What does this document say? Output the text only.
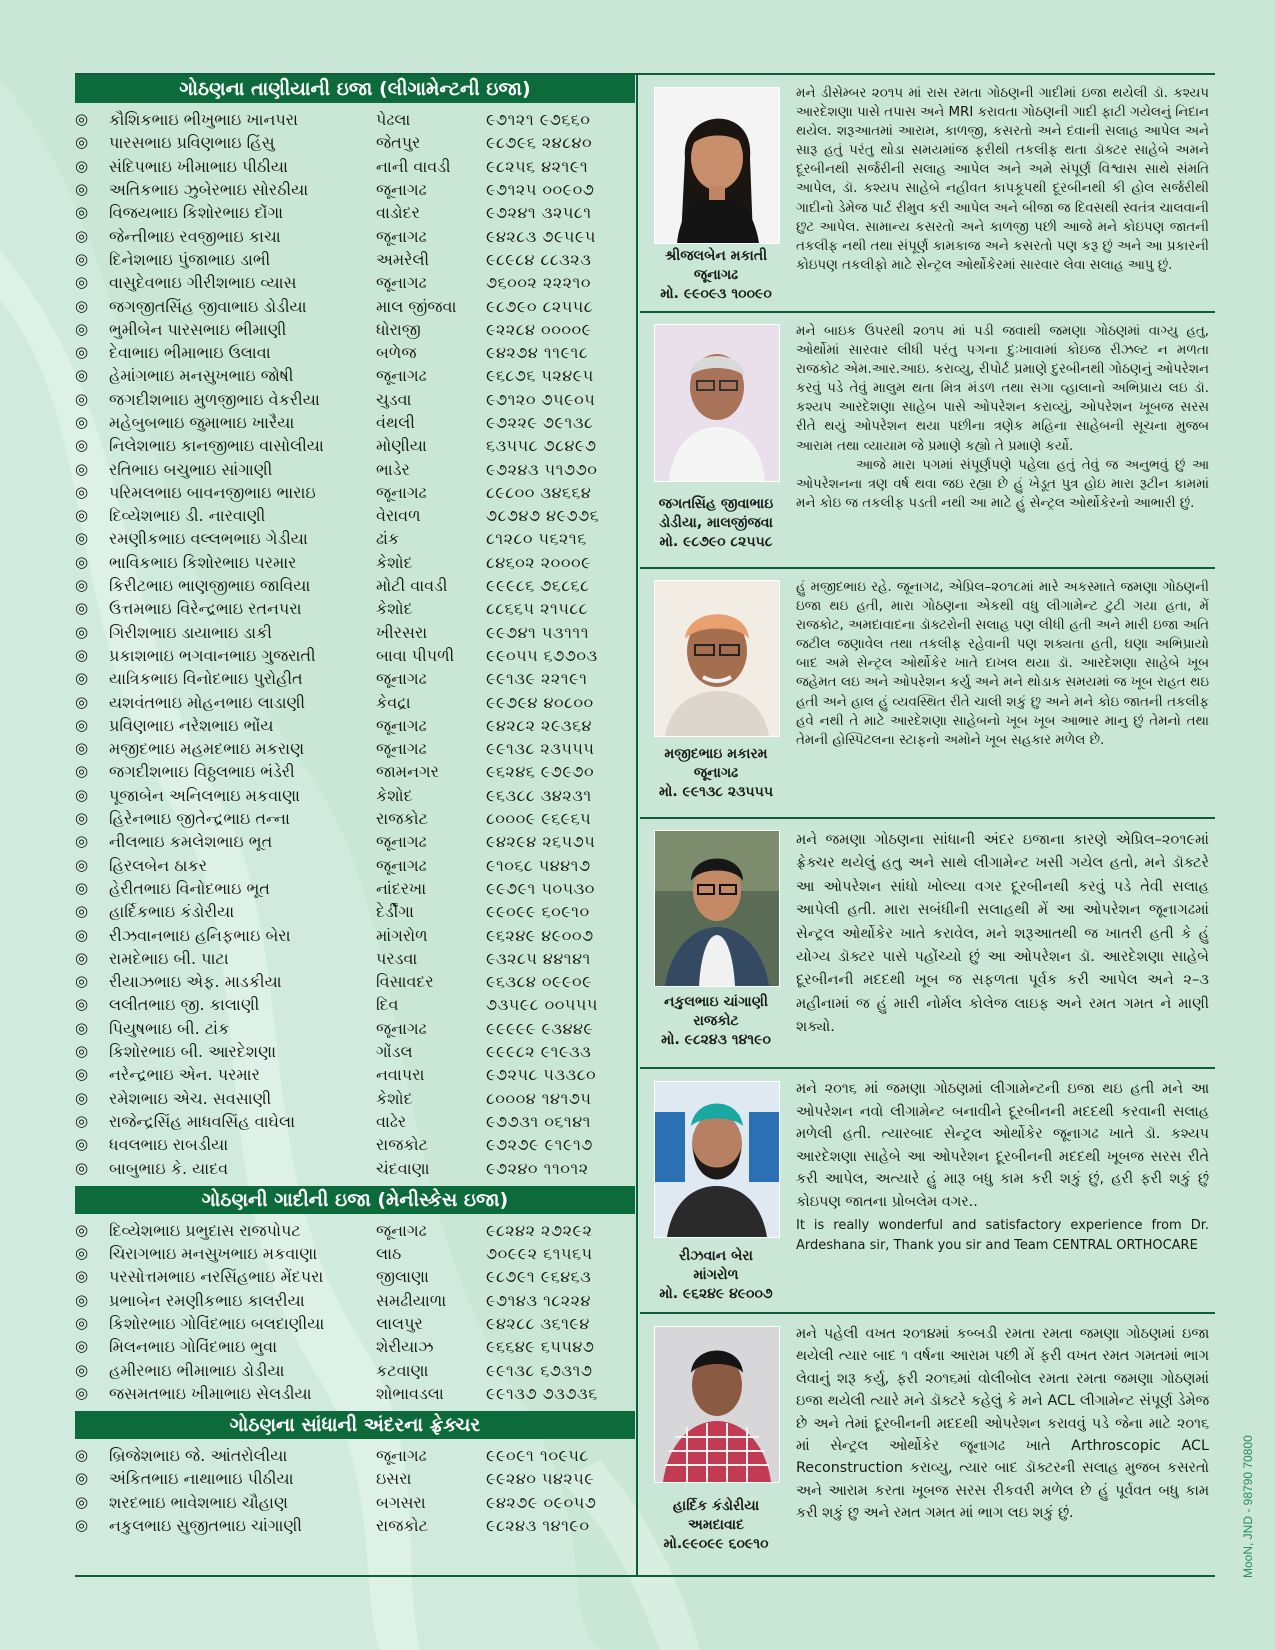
ગોઠણના તાણીયાની ઇજા (લીગામેન્ટની ઇજા)
◎	કૌશિકભાઇ ભીખુભાઇ ખાનપરા	પેઢલા	૯૭૧૨૧ ૯૭૬૬૦
◎	પારસભાઇ પ્રવિણભાઇ હિંસુ	જેતપુર	૯૮૭૯૬ ૨૪૮૪૦
◎	સંદિપભાઇ ખીમાભાઇ પીઠીયા	નાની વાવડી	૯૮૨૫૬ ૪૨૧૯૧
◎	અતિકભાઇ ઝુબેરભાઇ સોરઠીયા	જૂનાગઢ	૯૭૧૨૫ ૦૦૯૦૭
◎	વિજયભાઇ કિશોરભાઇ દોંગા	વાડોદર	૯૭૨૪૧ ૩૨૫૮૧
◎	જેન્તીભાઇ રવજીભાઇ કાચા	જૂનાગઢ	૯૪૨૮૩ ૭૯૫૯૫
◎	દિનેશભાઇ પુંજાભાઇ ડાભી	અમરેલી	૯૮૯૮૪ ૮૮૩૨૩
◎	વાસુદેવભાઇ ગીરીશભાઇ વ્યાસ	જૂનાગઢ	૭૬૦૦૨ ૨૨૨૧૦
◎	જગજીતસિંહ જીવાભાઇ ડોડીયા	માલ જીંજવા	૯૮૭૯૦ ૮૨૫૫૮
◎	ભુમીબેન પારસભાઇ ભીમાણી	ધોરાજી	૯૨૨૮૪ ૦૦૦૦૯
◎	દેવાભાઇ ભીમાભાઇ ઉલાવા	બળેજ	૯૪૨૭૪ ૧૧૯૧૮
◎	હેમાંગભાઇ મનસુખભાઇ જોષી	જૂનાગઢ	૯૬૮૭૬ ૫૨૪૯૫
◎	જગદીશભાઇ મુળજીભાઇ વેકરીયા	ચુડવા	૯૭૧૨૦ ૭૫૯૦૫
◎	મહેબુબભાઇ જુમાભાઇ ખારૈયા	વંથલી	૯૭૨૨૯ ૭૯૧૩૮
◎	નિલેશભાઇ કાનજીભાઇ વાસોલીયા	મોણીયા	૬૩૫૫૮ ૭૮૪૯૭
◎	રતિભાઇ બચુભાઇ સાંગાણી	ભાડેર	૯૭૨૪૩ ૫૧૭૭૦
◎	પરિમલભાઇ બાવનજીભાઇ ભારાઇ	જૂનાગઢ	૮૯૮૦૦ ૩૪૬૬૪
◎	દિવ્યેશભાઇ ડી. નારવાણી	વેરાવળ	૭૮૭૪૭ ૪૯૭૭૬
◎	રમણીકભાઇ વલ્લભભાઇ ગેડીયા	ઢાંક	૮૧૨૮૦ ૫૬૨૧૬
◎	ભાવિકભાઇ કિશોરભાઇ પરમાર	કેશોદ	૮૪૬૦૨ ૨૦૦૦૯
◎	કિરીટભાઇ ભાણજીભાઇ જાવિયા	મોટી વાવડી	૯૯૯૮૬ ૭૬૮૬૮
◎	ઉત્તમભાઇ વિરેન્દ્રભાઇ રતનપરા	કેશોદ	૮૮૬૬૫ ૨૧૫૮૮
◎	ગિરીશભાઇ ડાયાભાઇ ડાકી	ખીરસરા	૯૯૭૪૧ ૫૩૧૧૧
◎	પ્રકાશભાઇ ભગવાનભાઇ ગુજરાતી	બાવા પીપળી	૯૯૦૫૫ ૬૭૭૦૩
◎	યાત્રિકભાઇ વિનોદભાઇ પુરોહીત	જૂનાગઢ	૯૯૧૩૯ ૨૨૧૯૧
◎	યશવંતભાઇ મોહનભાઇ લાડાણી	કેવદ્રા	૯૯૭૯૪ ૪૦૮૦૦
◎	પ્રવિણભાઇ નરેશભાઇ ભોંય	જૂનાગઢ	૯૪૨૮૨ ૨૯૩૬૪
◎	મજીદભાઇ મહમદભાઇ મકરાણ	જૂનાગઢ	૯૯૧૩૮ ૨૩૫૫૫
◎	જગદીશભાઇ વિઠ્ઠલભાઇ ભંડેરી	જામનગર	૯૬૨૪૬ ૯૭૯૭૦
◎	પૂજાબેન અનિલભાઇ મકવાણા	કેશોદ	૯૬૩૮૮ ૩૪૨૩૧
◎	હિરેનભાઇ જીતેન્દ્રભાઇ તન્ના	રાજકોટ	૮૦૦૦૯ ૯૬૯૬૫
◎	નીલભાઇ કમલેશભાઇ ભૂત	જૂનાગઢ	૯૪૨૯૪ ૨૬૫૭૫
◎	હિરલબેન ઠાકર	જૂનાગઢ	૯૧૦૬૮ ૫૪૪૧૭
◎	હેરીતભાઇ વિનોદભાઇ ભૂત	નાંદરખા	૯૯૭૯૧ ૫૦૫૩૦
◎	હાર્દિકભાઇ કંડોરીયા	દેર્ડીંગા	૯૯૦૯૯ ૬૦૯૧૦
◎	રીઝવાનભાઇ હનિફભાઇ બેરા	માંગરોળ	૯૬૨૪૯ ૪૯૦૦૭
◎	રામદેભાઇ બી. પાટા	પરડવા	૯૩૨૮૫ ૪૪૧૪૧
◎	રીયાઝભાઇ એફ. માડકીયા	વિસાવદર	૯૬૩૮૪ ૦૯૯૦૯
◎	લલીતભાઇ જી. કાલાણી	દિવ	૭૩૫૯૮ ૦૦૫૫૫
◎	પિયુષભાઇ બી. ટાંક	જૂનાગઢ	૯૯૯૯૯ ૯૩૪૪૯
◎	કિશોરભાઇ બી. આરદેશણા	ગોંડલ	૯૯૯૮૨ ૯૧૯૩૩
◎	નરેન્દ્રભાઇ એન. પરમાર	નવાપરા	૯૭૨૫૮ ૫૩૩૮૦
◎	રમેશભાઇ એચ. સવસાણી	કેશોદ	૮૦૦૦૪ ૧૪૧૭૫
◎	રાજેન્દ્રસિંહ માધવસિંહ વાઘેલા	વાઢેર	૯૭૭૩૧ ૦૬૧૪૧
◎	ધવલભાઇ રાબડીયા	રાજકોટ	૯૭૨૭૯ ૯૧૯૧૭
◎	બાબુભાઇ કે. યાદવ	ચંદવાણા	૯૭૨૪૦ ૧૧૦૧૨
ગોઠણની ગાદીની ઇજા (મેનીસ્કેસ ઇજા)
◎	દિવ્યેશભાઇ પ્રભુદાસ રાજપોપટ	જૂનાગઢ	૯૮૨૪૨ ૨૭૨૯૨
◎	ચિરાગભાઇ મનસુખભાઇ મકવાણા	લાઠ	૭૦૯૯૨ ૬૧૫૬૫
◎	પરસોત્તમભાઇ નરસિંહભાઇ મેંદપરા	જીલાણા	૯૮૭૯૧ ૯૬૪૬૩
◎	પ્રભાબેન રમણીકભાઇ કાલરીયા	સમઢીયાળા	૯૭૧૪૩ ૧૮૨૨૪
◎	કિશોરભાઇ ગોવિંદભાઇ બલદાણીયા	લાલપુર	૯૪૨૮૮ ૩૬૧૯૪
◎	મિલનભાઇ ગોવિંદભાઇ ભુવા	શેરીયાઝ	૯૬૬૪૯ ૬૫૫૪૭
◎	હમીરભાઇ ભીમાભાઇ ડોડીયા	કટવાણા	૯૯૧૩૮ ૬૭૩૧૭
◎	જસમતભાઇ ખીમાભાઇ સેલડીયા	શોભાવડલા	૯૯૧૩૭ ૭૩૭૩૬
ગોઠણના સાંધાની અંદરના ફ્રેક્ચર
◎	બ્રિજેશભાઇ જે. આંતરોલીયા	જૂનાગઢ	૯૯૦૯૧ ૧૦૯૫૮
◎	અંકિતભાઇ નાથાભાઇ પીઠીયા	ઇસરા	૯૯૨૪૦ ૫૪૨૫૯
◎	શરદભાઇ ભાવેશભાઇ ચૌહાણ	બગસરા	૯૪૨૭૯ ૦૯૦૫૭
◎	નકુલભાઇ સુજીતભાઇ ચાંગાણી	રાજકોટ	૯૮૨૪૩ ૧૪૧૯૦
શ્રીજલબેન મકાતી
જૂનાગઢ
મો. ૯૯૦૯૩ ૧૦૦૯૦

મને ડીસેમ્બર ૨૦૧૫ માં રાસ રમતા ગોઠણની ગાદીમાં ઇજા થયેલી ડૉ. કશ્યપ આરદેશણા પાસે તપાસ અને MRI કરાવતા ગોઠણની ગાદી ફાટી ગયેલનું નિદાન થયેલ. શરૂઆતમાં આરામ, કાળજી, કસરતો અને દવાની સલાહ આપેલ અને સારૂ હતું પરંતુ થોડા સમયમાંજ ફરીથી તકલીફ થતા ડૉક્ટર સાહેબે અમને દૂરબીનથી સર્જરીની સલાહ આપેલ અને અમે સંપૂર્ણ વિશ્વાસ સાથે સંમતિ આપેલ, ડૉ. કશ્યપ સાહેબે નહીવત કાપકૂપથી દૂરબીનથી કી હોલ સર્જરીથી ગાદીનો ડેમેજ પાર્ટ રીમુવ કરી આપેલ અને બીજા જ દિવસથી સ્વતંત્ર ચાલવાની છુટ આપેલ. સામાન્ય કસરતો અને કાળજી પછી આજે મને કોઇપણ જાતની તકલીફ નથી તથા સંપૂર્ણ કામકાજ અને કસરતો પણ કરૂ છું અને આ પ્રકારની કોઇપણ તકલીફો માટે સેન્ટ્રલ ઓર્થોકેરમાં સારવાર લેવા સલાહ આપુ છું.

જગતસિંહ જીવાભાઇ ડોડીયા, માલજીંજવા
મો. ૯૮૭૯૦ ૮૨૫૫૮

મને બાઇક ઉપરથી ૨૦૧૫ માં પડી જવાથી જમણા ગોઠણમાં વાગ્યુ હતુ, ઓર્થોમાં સારવાર લીધી પરંતુ પગના દુઃખાવામાં કોઇજ રીઝલ્ટ ન મળતા રાજકોટ એમ.આર.આઇ. કરાવ્યુ, રીપોર્ટ પ્રમાણે દુરબીનથી ગોઠણનું ઓપરેશન કરવું પડે તેવું માલુમ થતા મિત્ર મંડળ તથા સગા વ્હાલાનો અભિપ્રાય લઇ ડૉ. કશ્યપ આરદેશણા સાહેબ પાસે ઓપરેશન કરાવ્યું, ઓપરેશન ખૂબજ સરસ રીતે થયું ઓપરેશન થયા પછીના ત્રણેક મહિના સાહેબની સૂચના મુજબ આરામ તથા વ્યાયામ જે પ્રમાણે કહ્યો તે પ્રમાણે કર્યો.

આજે મારા પગમાં સંપૂર્ણપણે પહેલા હતું તેવું જ અનુભવું છું આ ઓપરેશનના ત્રણ વર્ષ થવા જઇ રહ્યા છે હું ખેડૂત પુત્ર હોઇ મારા રૂટીન કામમાં મને કોઇ જ તકલીફ પડતી નથી આ માટે હું સેન્ટ્રલ ઓર્થોકેરનો આભારી છું.

મજીદભાઇ મકારમ
જૂનાગઢ
મો. ૯૯૧૩૮ ૨૩૫૫૫

હું મજીદભાઇ રહે. જૂનાગઢ, એપ્રિલ–૨૦૧૮માં મારે અકસ્માતે જમણા ગોઠણની ઇજા થઇ હતી, મારા ગોઠણના એકથી વધુ લીગામેન્ટ ટુટી ગયા હતા, મેં રાજકોટ, અમદાવાદના ડૉક્ટરોની સલાહ પણ લીધી હતી અને મારી ઇજા અતિ જટીલ જણાવેલ તથા તકલીફ રહેવાની પણ શક્યતા હતી, ઘણા અભિપ્રાયો બાદ અમે સેન્ટ્રલ ઓર્થોકેર ખાતે દાખલ થયા ડૉ. આરદેશણા સાહેબે ખૂબ જહેમત લઇ અને ઓપરેશન કર્યુ અને મને થોડાક સમયમાં જ ખૂબ રાહત થઇ હતી અને હાલ હું વ્યવસ્થિત રીતે ચાલી શકું છુ અને મને કોઇ જાતની તકલીફ હવે નથી તે માટે આરદેશણા સાહેબનો ખૂબ ખૂબ આભાર માનુ છું તેમનો તથા તેમની હોસ્પિટલના સ્ટાફનો અમોને ખૂબ સહકાર મળેલ છે.

નકુલભાઇ ચાંગાણી
રાજકોટ
મો. ૯૮૨૪૩ ૧૪૧૯૦

મને જમણા ગોઠણના સાંધાની અંદર ઇજાના કારણે એપ્રિલ–૨૦૧૯માં ફ્રેક્ચર થયેલું હતુ અને સાથે લીગામેન્ટ ખસી ગયેલ હતો, મને ડૉક્ટરે આ ઓપરેશન સાંધો ખોલ્યા વગર દૂરબીનથી કરવું પડે તેવી સલાહ આપેલી હતી. મારા સબંધીની સલાહથી મેં આ ઓપરેશન જૂનાગઢમાં સેન્ટ્રલ ઓર્થોકેર ખાતે કરાવેલ, મને શરૂઆતથી જ ખાતરી હતી કે હું યોગ્ય ડૉક્ટર પાસે પહોંચ્યો છું આ ઓપરેશન ડૉ. આરદેશણા સાહેબે દૂરબીનની મદદથી ખૂબ જ સફળતા પૂર્વક કરી આપેલ અને ૨–૩ મહીનામાં જ હું મારી નોર્મલ કોલેજ લાઇફ અને રમત ગમત ને માણી શક્યો.

રીઝવાન બેરા
માંગરોળ
મો. ૯૬૨૪૯ ૪૯૦૦૭

મને ૨૦૧૬ માં જમણા ગોઠણમાં લીગામેન્ટની ઇજા થઇ હતી મને આ ઓપરેશન નવો લીગામેન્ટ બનાવીને દૂરબીનની મદદથી કરવાની સલાહ મળેલી હતી. ત્યારબાદ સેન્ટ્રલ ઓર્થોકેર જૂનાગઢ ખાતે ડૉ. કશ્યપ આરદેશણા સાહેબે આ ઓપરેશન દૂરબીનની મદદથી ખૂબજ સરસ રીતે કરી આપેલ, અત્યારે હું મારૂ બધુ કામ કરી શકું છું, હરી ફરી શકું છું કોઇપણ જાતના પ્રોબલેમ વગર..

It is really wonderful and satisfactory experience from Dr. Ardeshana sir, Thank you sir and Team CENTRAL ORTHOCARE

હાર્દિક કંડોરીયા
અમદાવાદ
મો.૯૯૦૯૯ ૬૦૯૧૦

મને પહેલી વખત ૨૦૧૪માં કબ્બડી રમતા રમતા જમણા ગોઠણમાં ઇજા થયેલી ત્યાર બાદ ૧ વર્ષના આરામ પછી મેં ફરી વખત રમત ગમતમાં ભાગ લેવાનું શરૂ કર્યુ, ફરી ૨૦૧૬માં વોલીબોલ રમતા રમતા જમણા ગોઠણમાં ઇજા થયેલી ત્યારે મને ડૉક્ટરે કહેલું કે મને ACL લીગામેન્ટ સંપૂર્ણ ડેમેજ છે અને તેમાં દૂરબીનની મદદથી ઓપરેશન કરાવવું પડે જેના માટે ૨૦૧૬ માં સેન્ટ્રલ ઓર્થોકેર જૂનાગઢ ખાતે Arthroscopic ACL Reconstruction કરાવ્યુ, ત્યાર બાદ ડૉક્ટરની સલાહ મુજબ કસરતો અને આરામ કરતા ખૂબજ સરસ રીકવરી મળેલ છે હું પૂર્વવત બધુ કામ કરી શકું છુ અને રમત ગમત માં ભાગ લઇ શકું છું.	MooN, JND - 98790 70800
